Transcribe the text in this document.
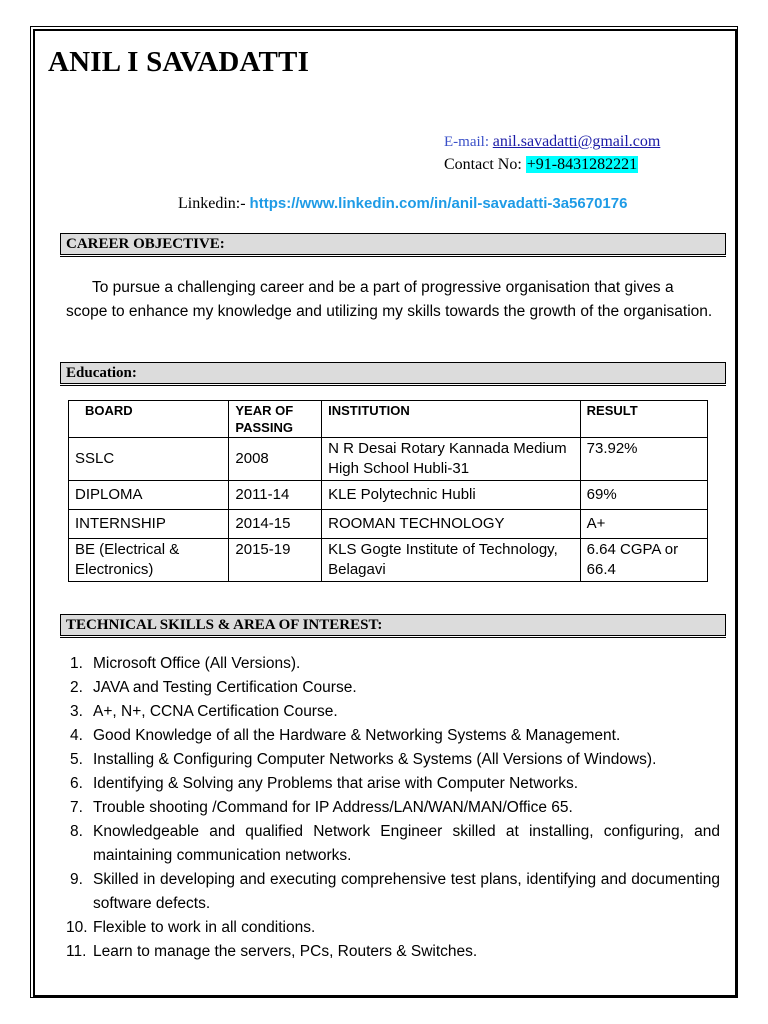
ANIL I SAVADATTI
E-mail: anil.savadatti@gmail.com
Contact No: +91-8431282221
Linkedin:- https://www.linkedin.com/in/anil-savadatti-3a5670176
CAREER OBJECTIVE:
To pursue a challenging career and be a part of progressive organisation that gives a scope to enhance my knowledge and utilizing my skills towards the growth of the organisation.
Education:
BOARD	YEAR OF PASSING	INSTITUTION	RESULT
SSLC	2008	N R Desai Rotary Kannada Medium High School Hubli-31	73.92%
DIPLOMA	2011-14	KLE Polytechnic Hubli	69%
INTERNSHIP	2014-15	ROOMAN TECHNOLOGY	A+
BE (Electrical & Electronics)	2015-19	KLS Gogte Institute of Technology, Belagavi	6.64 CGPA or 66.4
TECHNICAL SKILLS & AREA OF INTEREST:
1. Microsoft Office (All Versions).
2. JAVA and Testing Certification Course.
3. A+, N+, CCNA Certification Course.
4. Good Knowledge of all the Hardware & Networking Systems & Management.
5. Installing & Configuring Computer Networks & Systems (All Versions of Windows).
6. Identifying & Solving any Problems that arise with Computer Networks.
7. Trouble shooting /Command for IP Address/LAN/WAN/MAN/Office 65.
8. Knowledgeable and qualified Network Engineer skilled at installing, configuring, and maintaining communication networks.
9. Skilled in developing and executing comprehensive test plans, identifying and documenting software defects.
10. Flexible to work in all conditions.
11. Learn to manage the servers, PCs, Routers & Switches.
